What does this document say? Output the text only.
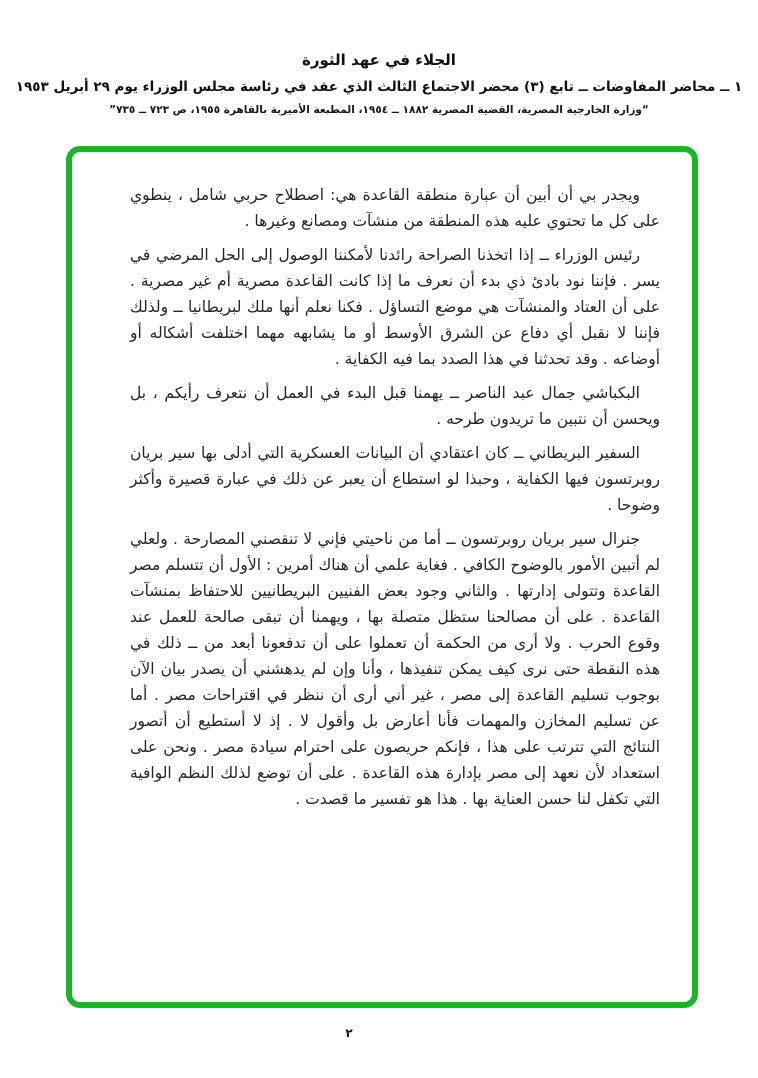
الجلاء في عهد الثورة
١ ــ محاضر المفاوضات ــ تابع (٣) محضر الاجتماع الثالث الذي عقد في رئاسة مجلس الوزراء يوم ٢٩ أبريل ١٩٥٣
“وزارة الخارجية المصرية، القضية المصرية ١٨٨٢ ــ ١٩٥٤، المطبعة الأميرية بالقاهرة ١٩٥٥، ص ٧٢٣ ــ ٧٣٥”

ويجدر بي أن أبين أن عبارة منطقة القاعدة هي: اصطلاح حربي شامل ، ينطوي على كل ما تحتوي عليه هذه المنطقة من منشآت ومصانع وغيرها .

رئيس الوزراء ــ إذا اتخذنا الصراحة رائدنا لأمكننا الوصول إلى الحل المرضي في يسر . فإننا نود بادئ ذي بدء أن نعرف ما إذا كانت القاعدة مصرية أم غير مصرية . على أن العتاد والمنشآت هي موضع التساؤل . فكنا نعلم أنها ملك لبريطانيا ــ ولذلك فإننا لا نقبل أي دفاع عن الشرق الأوسط أو ما يشابهه مهما اختلفت أشكاله أو أوضاعه . وقد تحدثنا في هذا الصدد بما فيه الكفاية .

البكباشي جمال عبد الناصر ــ يهمنا قبل البدء في العمل أن نتعرف رأيكم ، بل ويحسن أن نتبين ما تريدون طرحه .

السفير البريطاني ــ كان اعتقادي أن البيانات العسكرية التي أدلى بها سير بريان روبرتسون فيها الكفاية ، وحبذا لو استطاع أن يعبر عن ذلك في عبارة قصيرة وأكثر وضوحا .

جنرال سير بريان روبرتسون ــ أما من ناحيتي فإني لا تنقصني المصارحة . ولعلي لم أتبين الأمور بالوضوح الكافي . فغاية علمي أن هناك أمرين : الأول أن تتسلم مصر القاعدة وتتولى إدارتها . والثاني وجود بعض الفنيين البريطانيين للاحتفاظ بمنشآت القاعدة . على أن مصالحنا ستظل متصلة بها ، ويهمنا أن تبقى صالحة للعمل عند وقوع الحرب . ولا أرى من الحكمة أن تعملوا على أن تدفعونا أبعد من ــ ذلك في هذه النقطة حتى نرى كيف يمكن تنفيذها ، وأنا وإن لم يدهشني أن يصدر بيان الآن بوجوب تسليم القاعدة إلى مصر ، غير أني أرى أن ننظر في اقتراحات مصر . أما عن تسليم المخازن والمهمات فأنا أعارض بل وأقول لا . إذ لا أستطيع أن أتصور النتائج التي تترتب على هذا ، فإنكم حريصون على احترام سيادة مصر . ونحن على استعداد لأن نعهد إلى مصر بإدارة هذه القاعدة . على أن توضع لذلك النظم الوافية التي تكفل لنا حسن العناية بها . هذا هو تفسير ما قصدت .

٢
